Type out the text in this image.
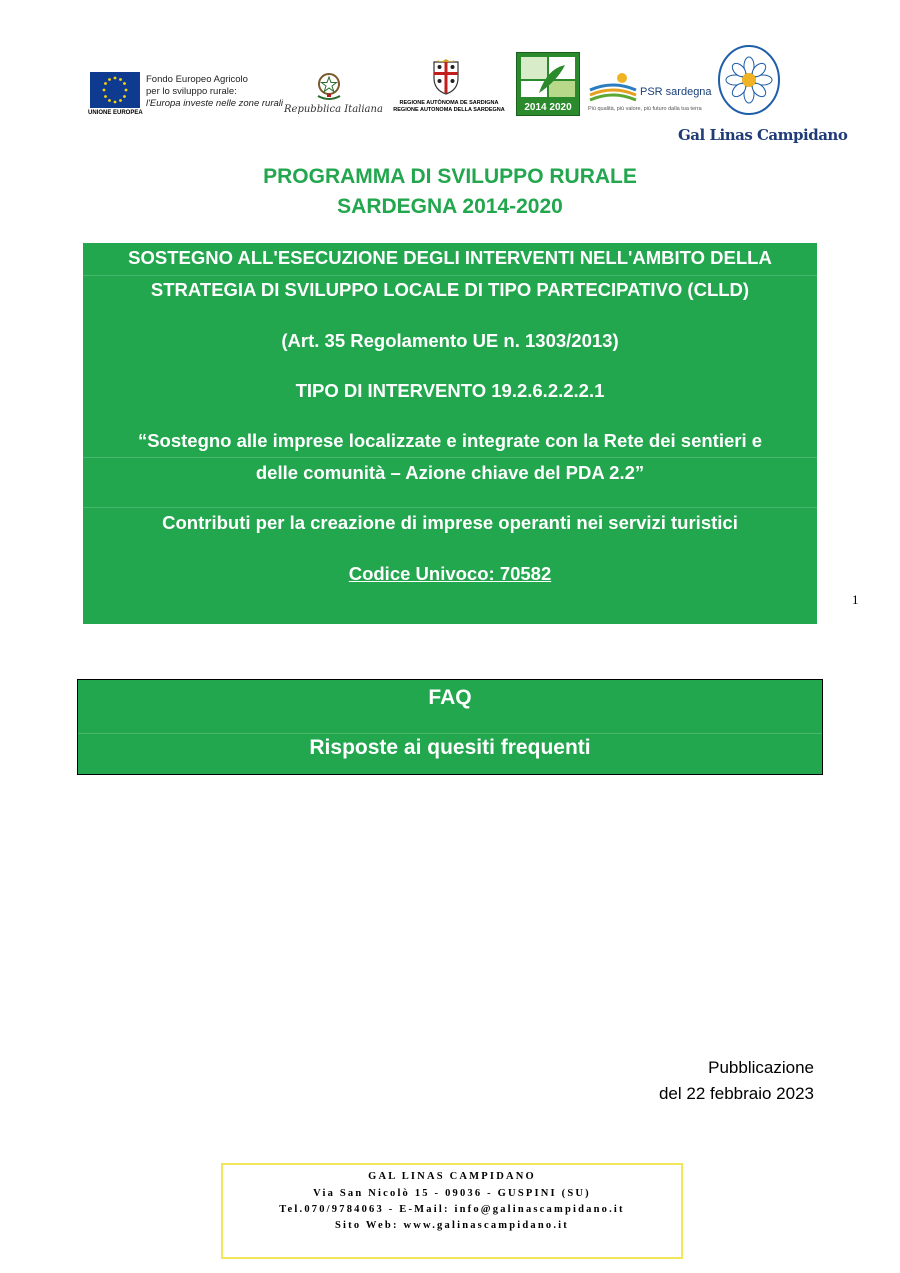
UNIONE EUROPEA
Fondo Europeo Agricolo
per lo sviluppo rurale:
l'Europa investe nelle zone rurali
Repubblica Italiana
REGIONE AUTÒNOMA DE SARDIGNA
REGIONE AUTONOMA DELLA SARDEGNA	2014 2020
PSR sardegna
Più qualità, più valore, più futuro dalla tua terra
Gal Linas Campidano
PROGRAMMA DI SVILUPPO RURALE
SARDEGNA 2014-2020
SOSTEGNO ALL'ESECUZIONE DEGLI INTERVENTI NELL'AMBITO DELLA
STRATEGIA DI SVILUPPO LOCALE DI TIPO PARTECIPATIVO (CLLD)
(Art. 35 Regolamento UE n. 1303/2013)
TIPO DI INTERVENTO 19.2.6.2.2.2.1
“Sostegno alle imprese localizzate e integrate con la Rete dei sentieri e
delle comunità – Azione chiave del PDA 2.2”
Contributi per la creazione di imprese operanti nei servizi turistici
Codice Univoco: 70582
1
FAQ
Risposte ai quesiti frequenti
Pubblicazione
del 22 febbraio 2023
GAL LINAS CAMPIDANO
Via San Nicolò 15 - 09036 - GUSPINI (SU)
Tel.070/9784063 - E-Mail: info@galinascampidano.it
Sito Web: www.galinascampidano.it
